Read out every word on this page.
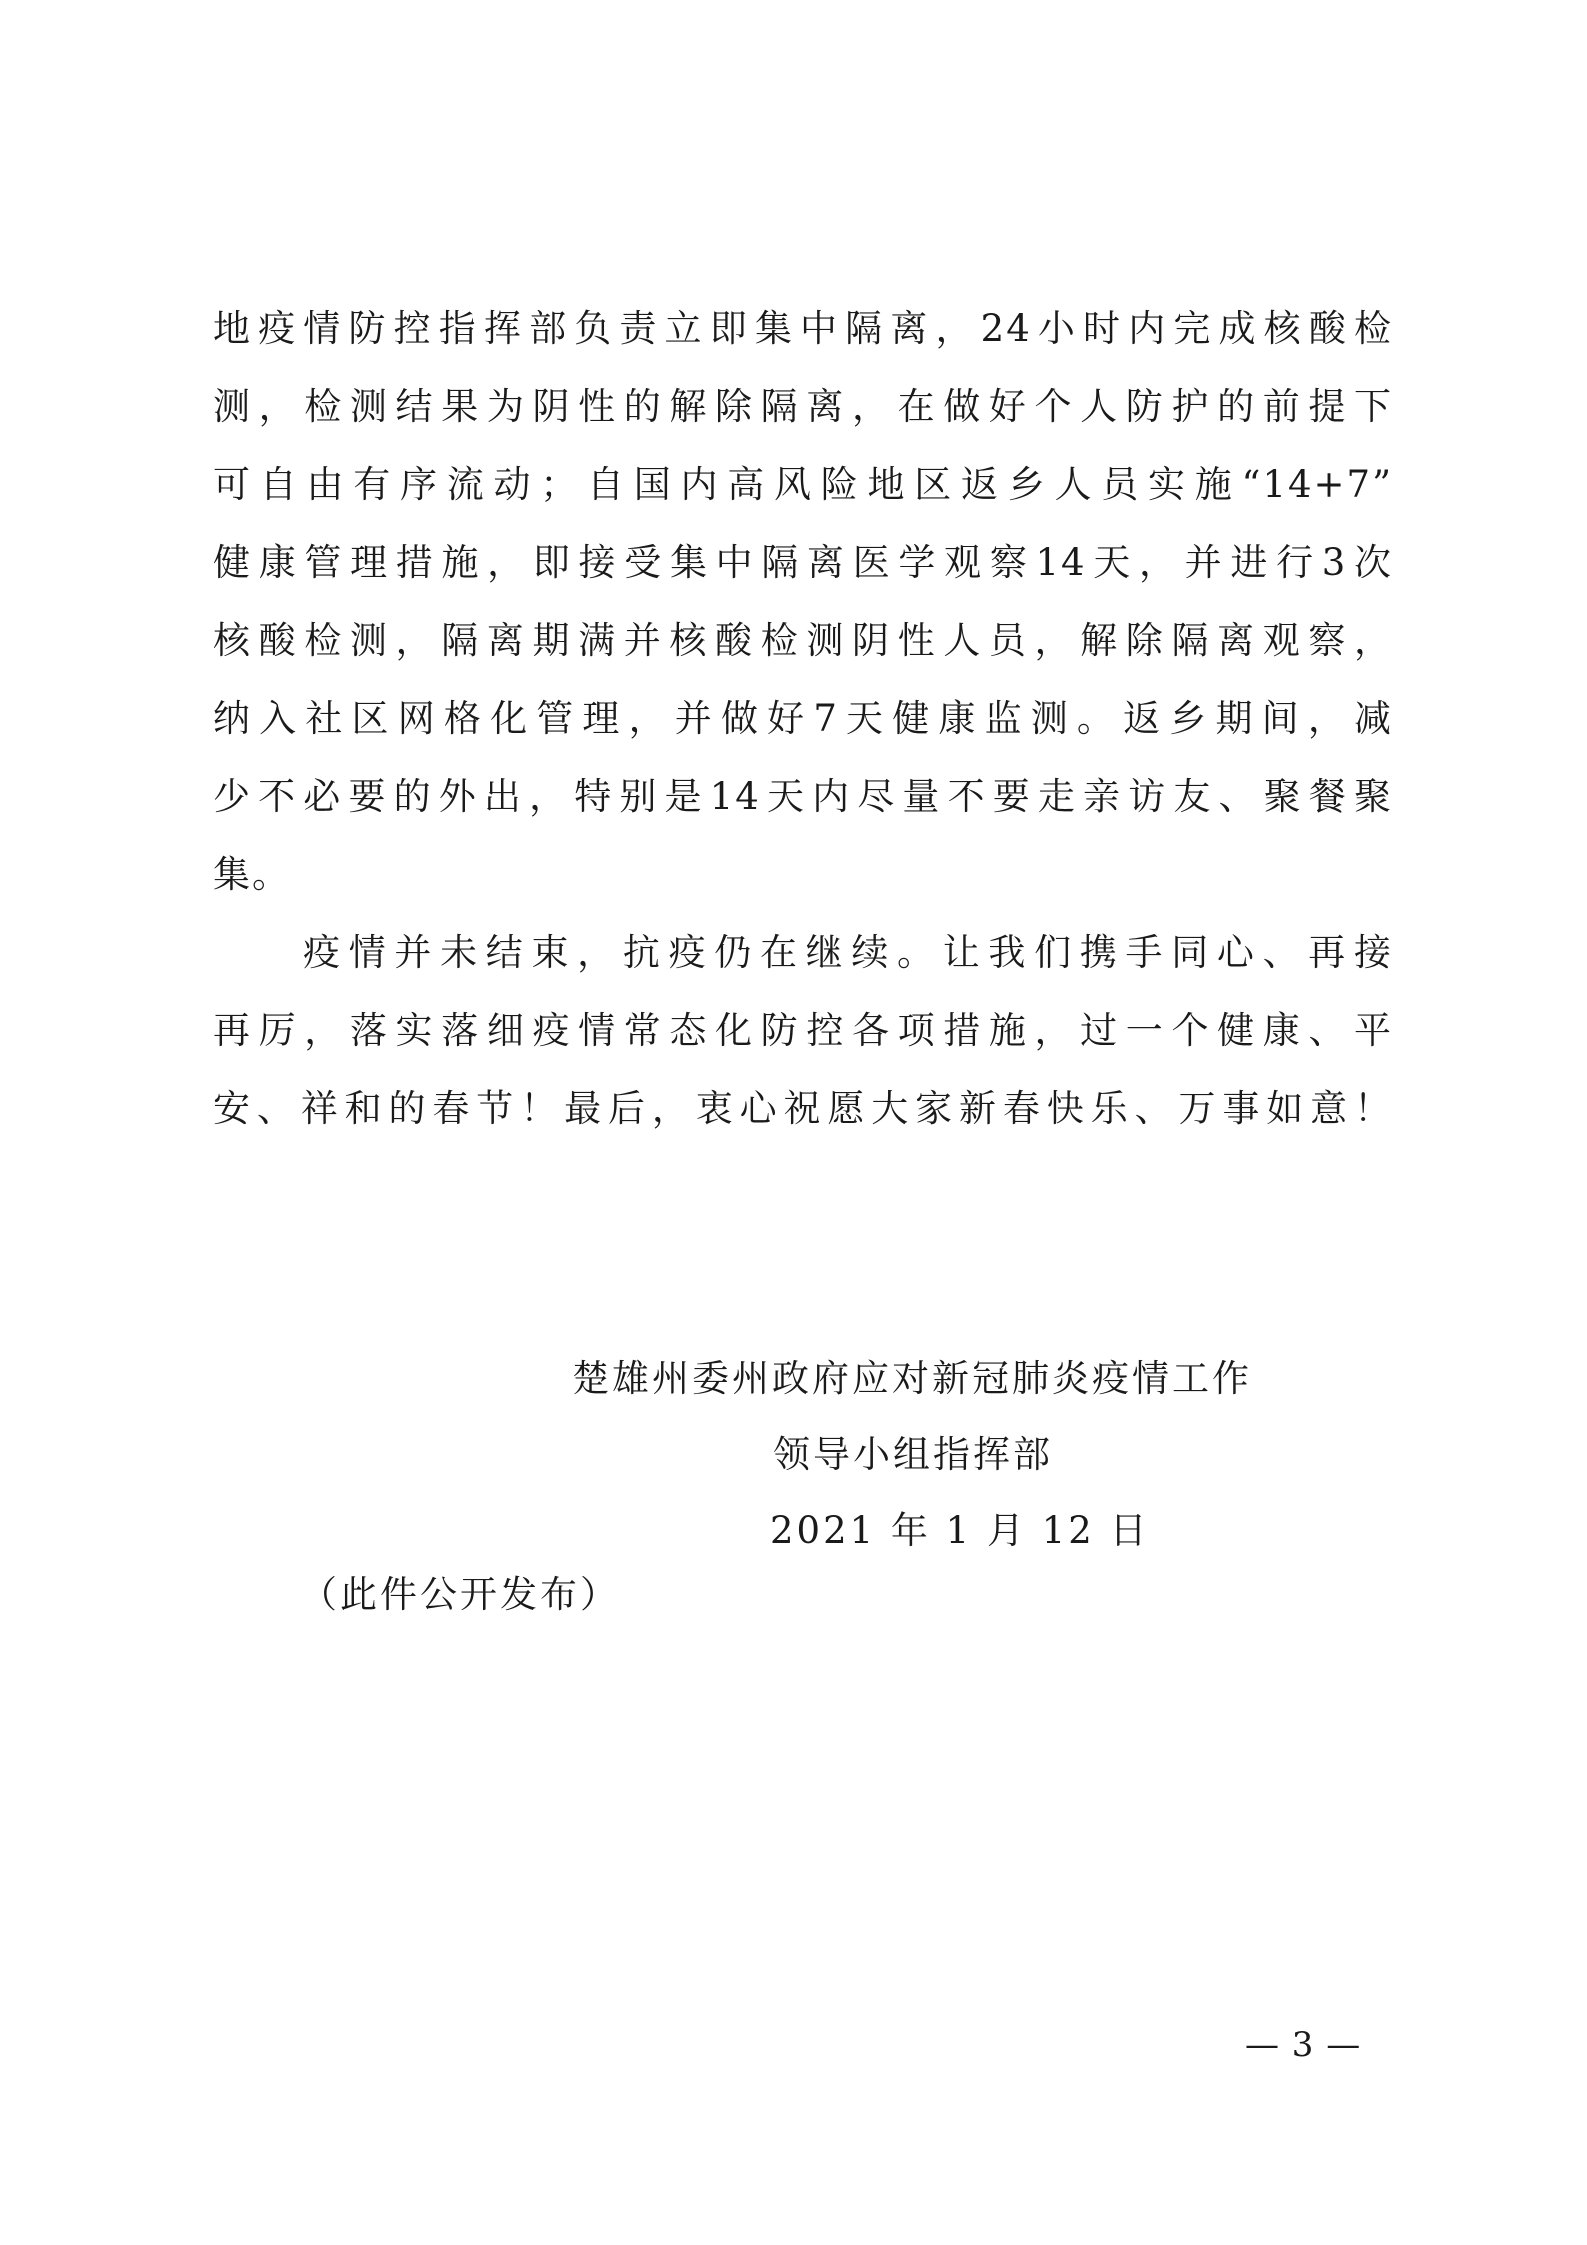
地疫情防控指挥部负责立即集中隔离，24小时内完成核酸检
测，检测结果为阴性的解除隔离，在做好个人防护的前提下
可自由有序流动；自国内高风险地区返乡人员实施“14+7”
健康管理措施，即接受集中隔离医学观察14天，并进行3次
核酸检测，隔离期满并核酸检测阴性人员，解除隔离观察，
纳入社区网格化管理，并做好7天健康监测。返乡期间，减
少不必要的外出，特别是14天内尽量不要走亲访友、聚餐聚
集。
疫情并未结束，抗疫仍在继续。让我们携手同心、再接
再厉，落实落细疫情常态化防控各项措施，过一个健康、平
安、祥和的春节！最后，衷心祝愿大家新春快乐、万事如意！
楚雄州委州政府应对新冠肺炎疫情工作
领导小组指挥部
2021 年 1 月 12 日
（此件公开发布）
— 3 —
